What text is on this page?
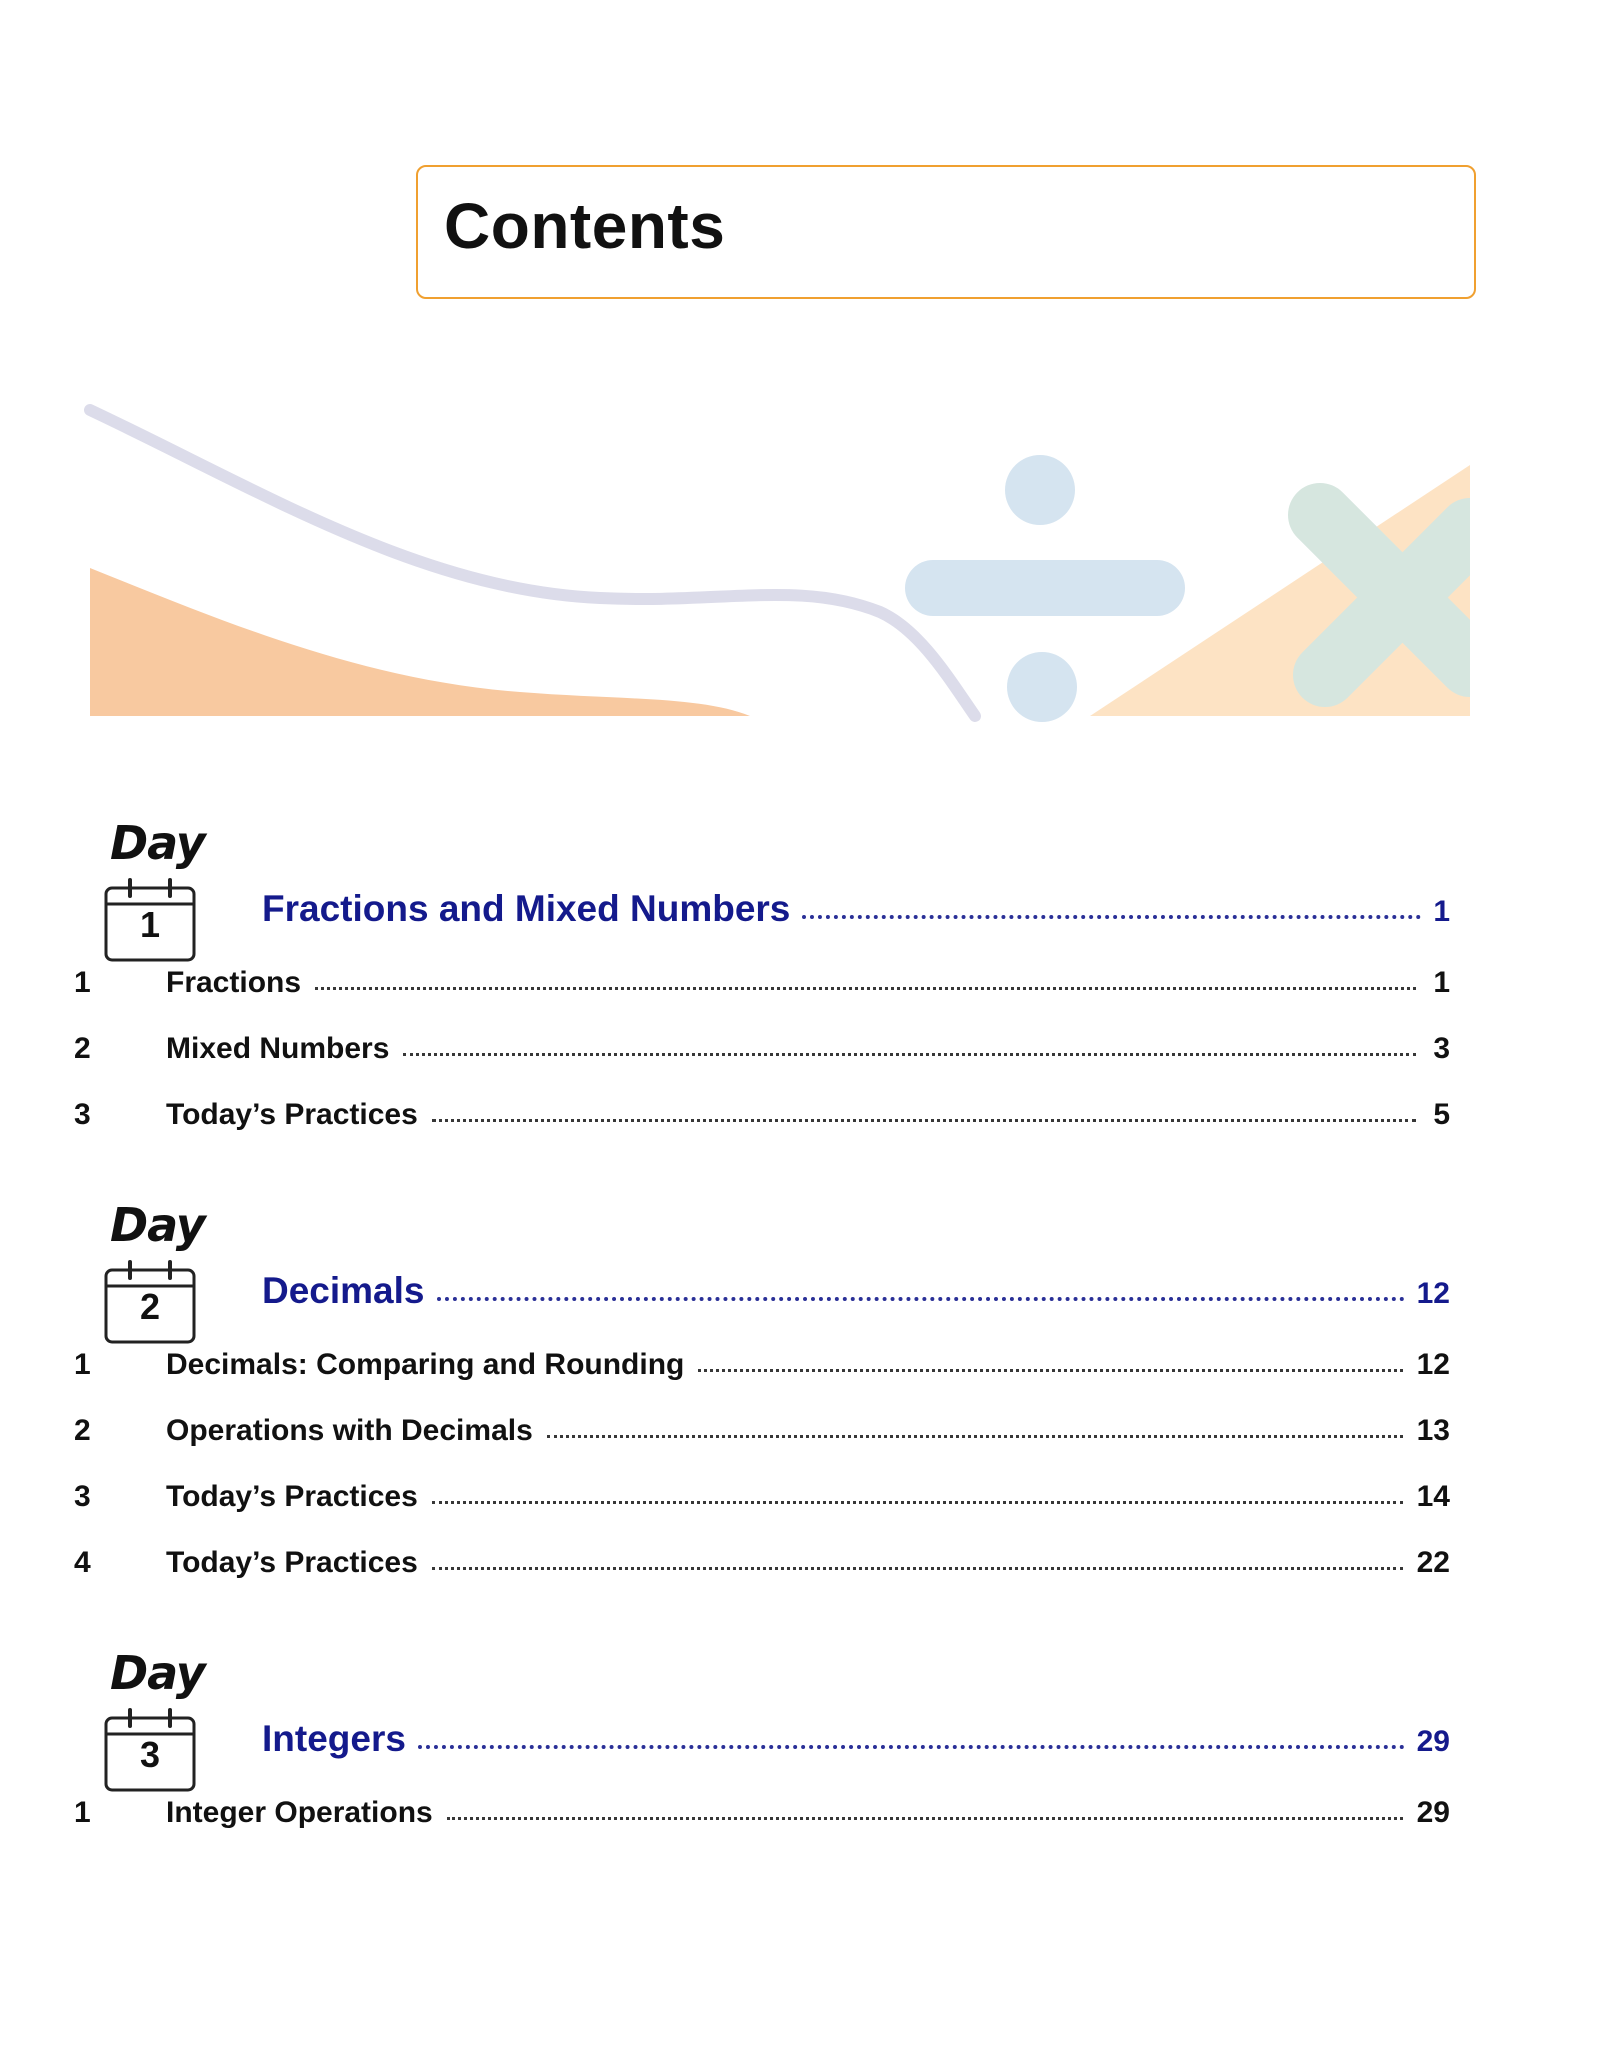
Contents
Day
1	Fractions and Mixed Numbers	1
1	Fractions	1
2	Mixed Numbers	3
3	Today’s Practices	5
Day
2	Decimals	12
1	Decimals: Comparing and Rounding	12
2	Operations with Decimals	13
3	Today’s Practices	14
4	Today’s Practices	22
Day
3	Integers	29
1	Integer Operations	29
